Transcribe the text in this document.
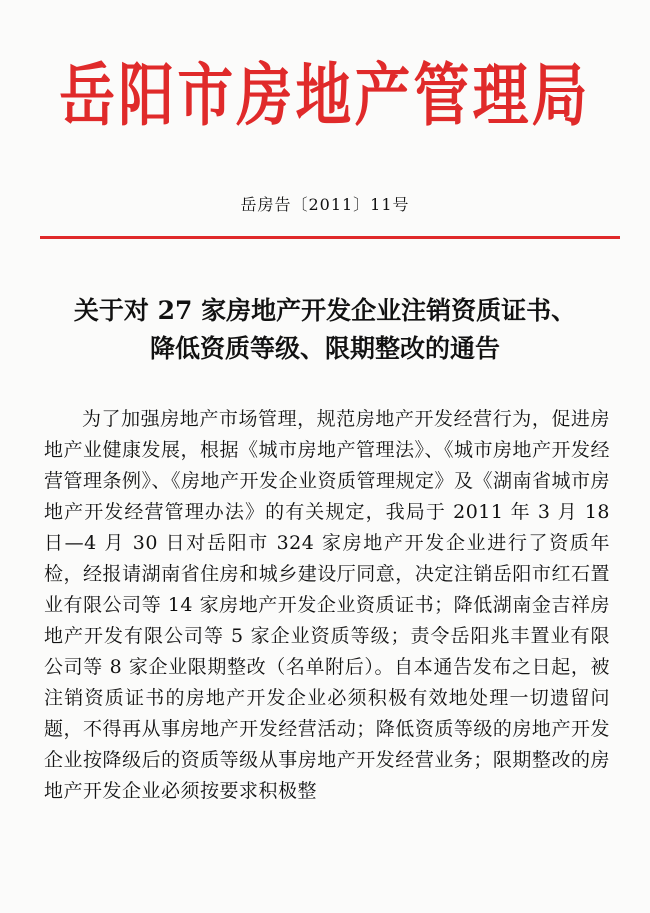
岳阳市房地产管理局
岳房告〔2011〕11号
关于对 27 家房地产开发企业注销资质证书、
降低资质等级、限期整改的通告
为了加强房地产市场管理，规范房地产开发经营行为，促进房地产业健康发展，根据《城市房地产管理法》、《城市房地产开发经营管理条例》、《房地产开发企业资质管理规定》及《湖南省城市房地产开发经营管理办法》的有关规定，我局于 2011 年 3 月 18 日—4 月 30 日对岳阳市 324 家房地产开发企业进行了资质年检，经报请湖南省住房和城乡建设厅同意，决定注销岳阳市红石置业有限公司等 14 家房地产开发企业资质证书；降低湖南金吉祥房地产开发有限公司等 5 家企业资质等级；责令岳阳兆丰置业有限公司等 8 家企业限期整改（名单附后）。自本通告发布之日起，被注销资质证书的房地产开发企业必须积极有效地处理一切遗留问题，不得再从事房地产开发经营活动；降低资质等级的房地产开发企业按降级后的资质等级从事房地产开发经营业务；限期整改的房地产开发企业必须按要求积极整
